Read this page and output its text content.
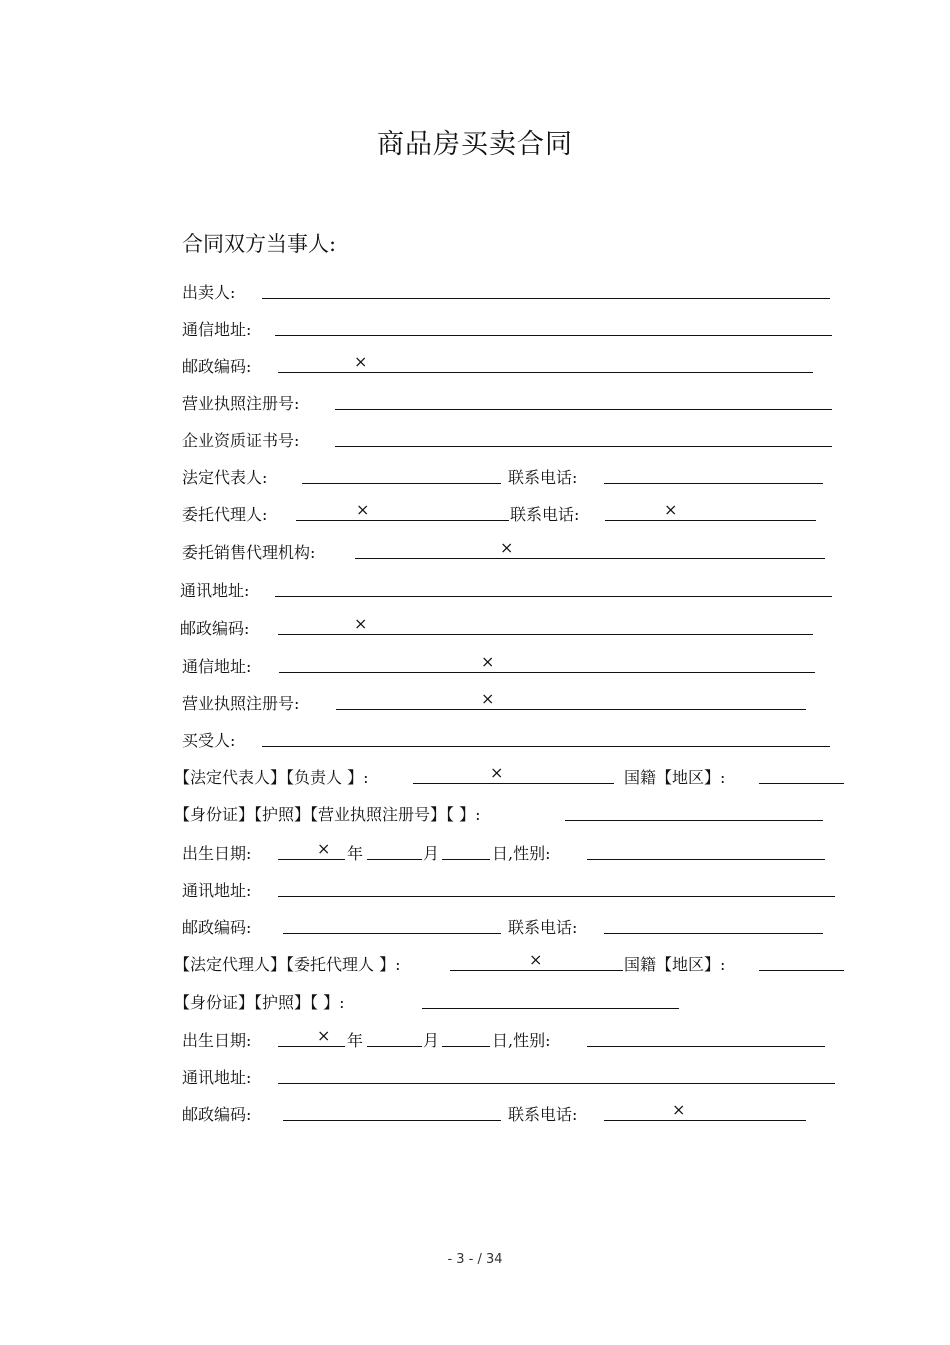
商品房买卖合同
合同双方当事人:
出卖人:
通信地址:
邮政编码:	×
营业执照注册号:
企业资质证书号:
法定代表人:	联系电话:
委托代理人:	×	联系电话:	×
委托销售代理机构:	×
通讯地址:
邮政编码:	×
通信地址:	×
营业执照注册号:	×
买受人:
【法定代表人】【负责人 】:	×	国籍【地区】:
【身份证】【护照】【营业执照注册号】【 】:
出生日期:	× 年	月	日,性别:
通讯地址:
邮政编码:	联系电话:
【法定代理人】【委托代理人 】:	×	国籍【地区】:
【身份证】【护照】【 】:
出生日期:	× 年	月	日,性别:
通讯地址:
邮政编码:	联系电话:	×
- 3 - / 34
